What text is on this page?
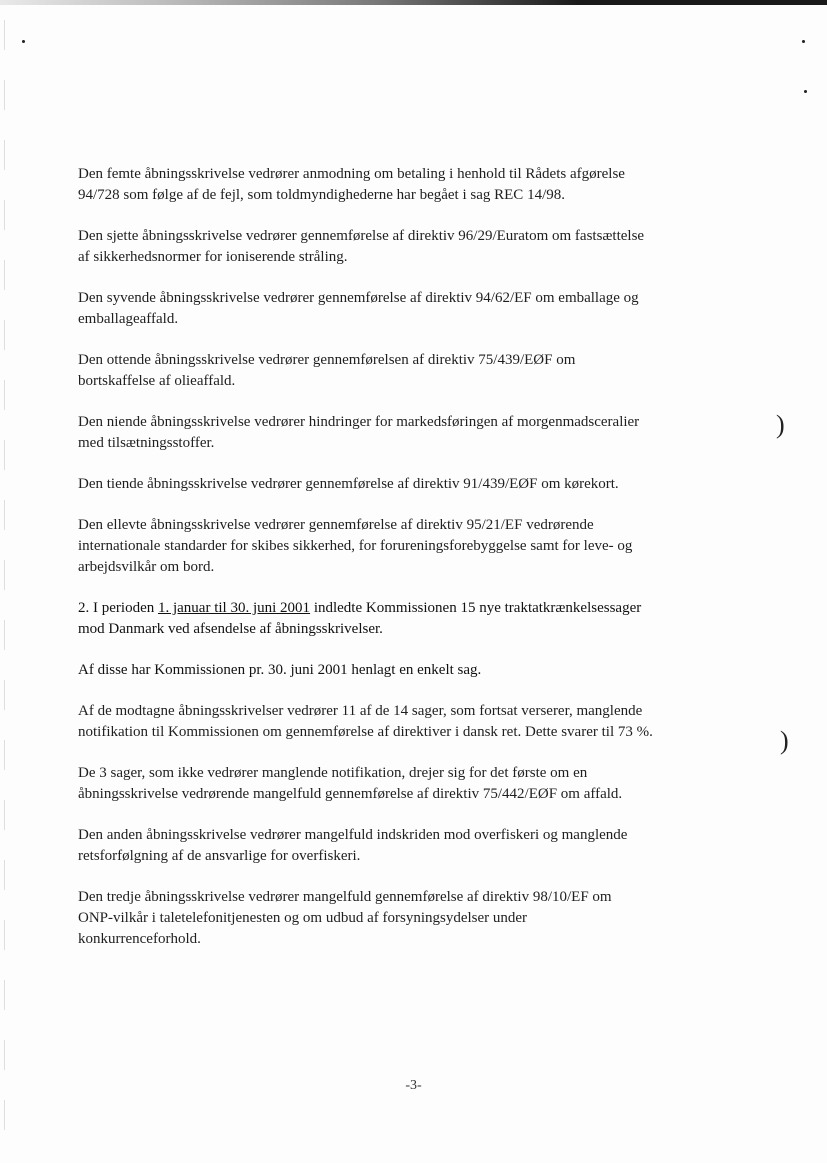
)
)

Den femte åbningsskrivelse vedrører anmodning om betaling i henhold til Rådets afgørelse
94/728 som følge af de fejl, som toldmyndighederne har begået i sag REC 14/98.

Den sjette åbningsskrivelse vedrører gennemførelse af direktiv 96/29/Euratom om fastsættelse
af sikkerhedsnormer for ioniserende stråling.

Den syvende åbningsskrivelse vedrører gennemførelse af direktiv 94/62/EF om emballage og
emballageaffald.

Den ottende åbningsskrivelse vedrører gennemførelsen af direktiv 75/439/EØF om
bortskaffelse af olieaffald.

Den niende åbningsskrivelse vedrører hindringer for markedsføringen af morgenmadsceralier
med tilsætningsstoffer.

Den tiende åbningsskrivelse vedrører gennemførelse af direktiv 91/439/EØF om kørekort.

Den ellevte åbningsskrivelse vedrører gennemførelse af direktiv 95/21/EF vedrørende
internationale standarder for skibes sikkerhed, for forureningsforebyggelse samt for leve- og
arbejdsvilkår om bord.

2. I perioden 1. januar til 30. juni 2001 indledte Kommissionen 15 nye traktatkrænkelsessager
mod Danmark ved afsendelse af åbningsskrivelser.

Af disse har Kommissionen pr. 30. juni 2001 henlagt en enkelt sag.

Af de modtagne åbningsskrivelser vedrører 11 af de 14 sager, som fortsat verserer, manglende
notifikation til Kommissionen om gennemførelse af direktiver i dansk ret. Dette svarer til 73 %.

De 3 sager, som ikke vedrører manglende notifikation, drejer sig for det første om en
åbningsskrivelse vedrørende mangelfuld gennemførelse af direktiv 75/442/EØF om affald.

Den anden åbningsskrivelse vedrører mangelfuld indskriden mod overfiskeri og manglende
retsforfølgning af de ansvarlige for overfiskeri.

Den tredje åbningsskrivelse vedrører mangelfuld gennemførelse af direktiv 98/10/EF om
ONP-vilkår i taletelefonitjenesten og om udbud af forsyningsydelser under
konkurrenceforhold.

-3-
